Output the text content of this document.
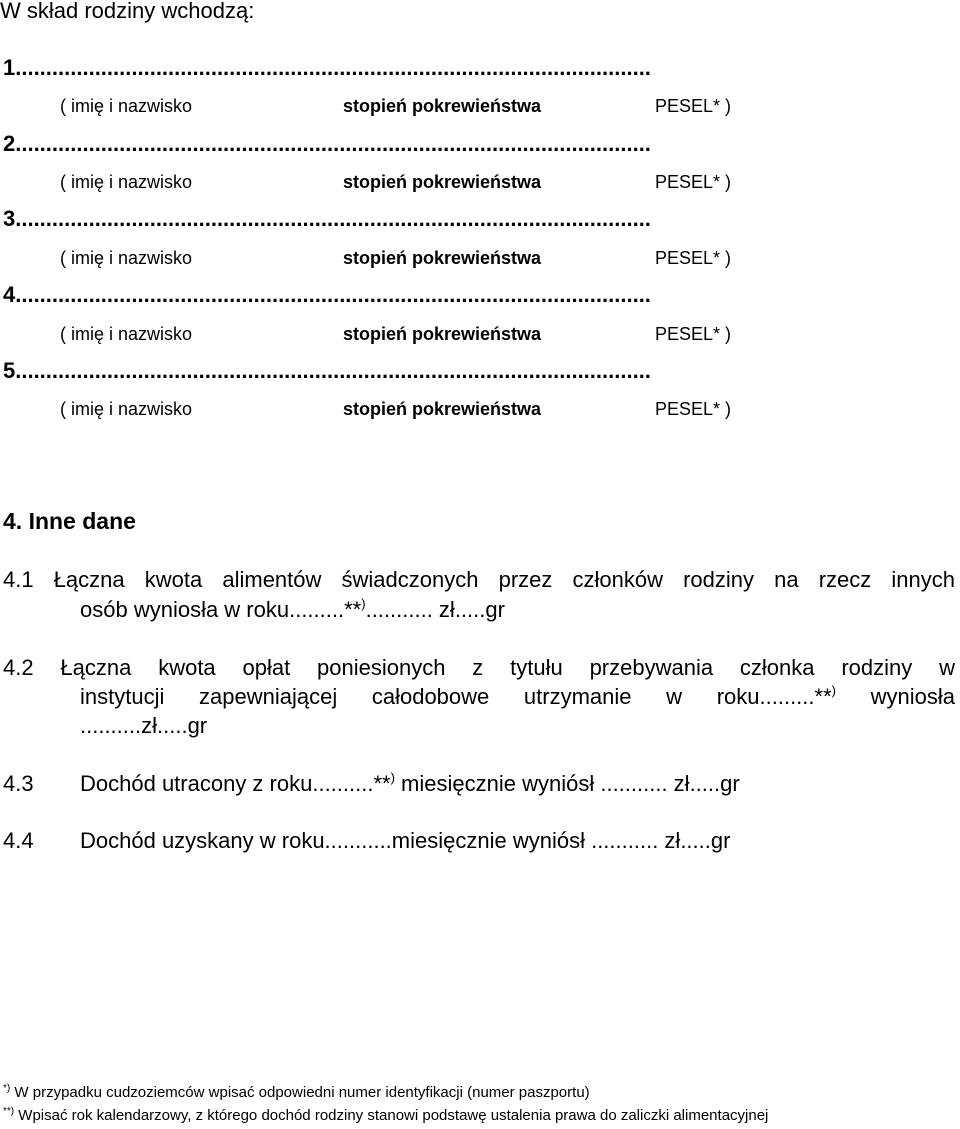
W skład rodziny wchodzą:
1........................................................................................................
( imię i nazwisko	stopień pokrewieństwa	PESEL* )
2........................................................................................................
( imię i nazwisko	stopień pokrewieństwa	PESEL* )
3........................................................................................................
( imię i nazwisko	stopień pokrewieństwa	PESEL* )
4........................................................................................................
( imię i nazwisko	stopień pokrewieństwa	PESEL* )
5........................................................................................................
( imię i nazwisko	stopień pokrewieństwa	PESEL* )
4. Inne dane
4.1 Łączna kwota alimentów świadczonych przez członków rodziny na rzecz innych
osób wyniosła w roku.........**)........... zł.....gr
4.2 Łączna kwota opłat poniesionych z tytułu przebywania członka rodziny w
instytucji zapewniającej całodobowe utrzymanie w roku.........**) wyniosła
..........zł.....gr
4.3 Dochód utracony z roku..........**) miesięcznie wyniósł ........... zł.....gr
4.4 Dochód uzyskany w roku...........miesięcznie wyniósł ........... zł.....gr
*) W przypadku cudzoziemców wpisać odpowiedni numer identyfikacji (numer paszportu)
**) Wpisać rok kalendarzowy, z którego dochód rodziny stanowi podstawę ustalenia prawa do zaliczki alimentacyjnej
